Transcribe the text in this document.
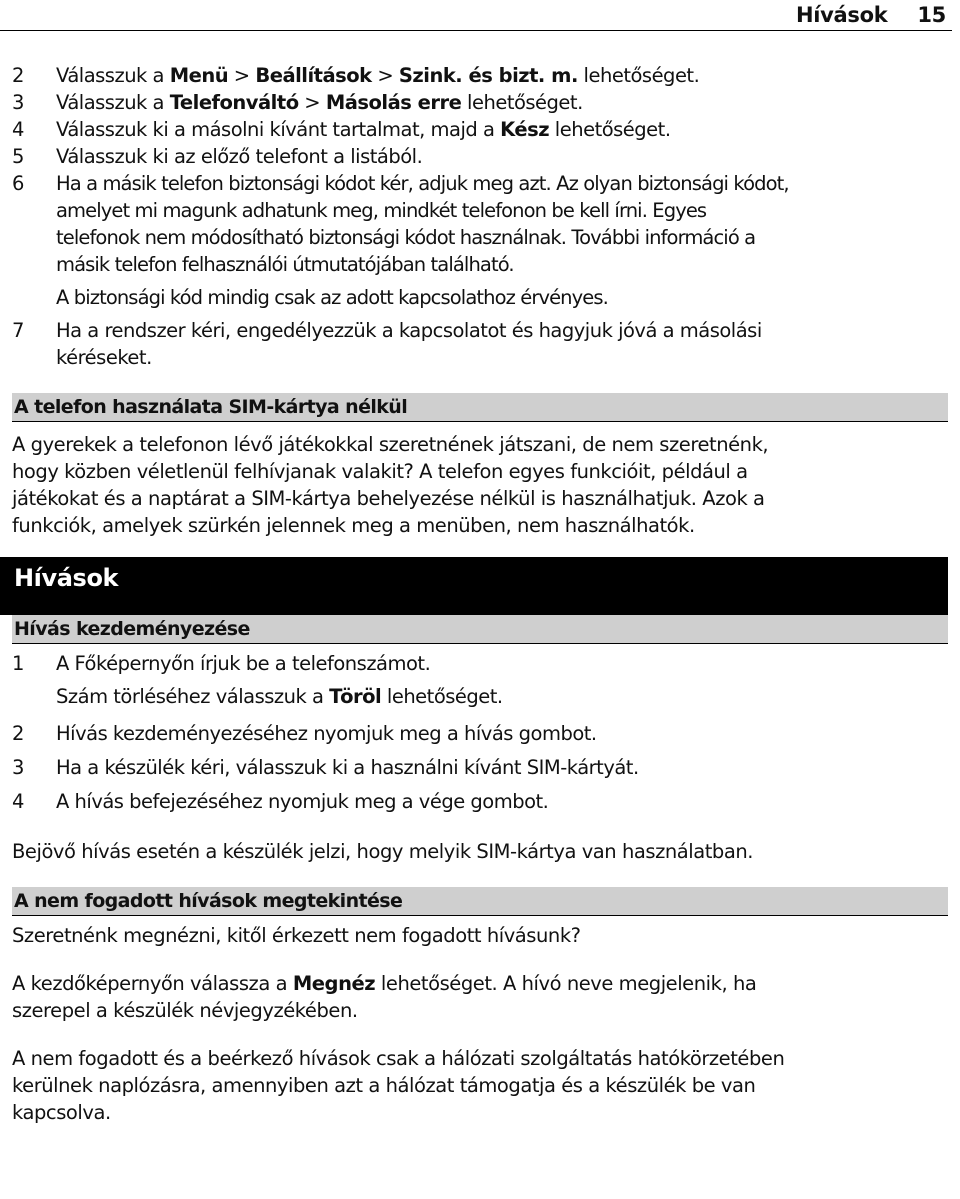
Hívások 15
2	Válasszuk a Menü > Beállítások > Szink. és bizt. m. lehetőséget.
3	Válasszuk a Telefonváltó > Másolás erre lehetőséget.
4	Válasszuk ki a másolni kívánt tartalmat, majd a Kész lehetőséget.
5	Válasszuk ki az előző telefont a listából.
6	Ha a másik telefon biztonsági kódot kér, adjuk meg azt. Az olyan biztonsági kódot,
amelyet mi magunk adhatunk meg, mindkét telefonon be kell írni. Egyes
telefonok nem módosítható biztonsági kódot használnak. További információ a
másik telefon felhasználói útmutatójában található.
A biztonsági kód mindig csak az adott kapcsolathoz érvényes.
7	Ha a rendszer kéri, engedélyezzük a kapcsolatot és hagyjuk jóvá a másolási
kéréseket.
A telefon használata SIM-kártya nélkül
A gyerekek a telefonon lévő játékokkal szeretnének játszani, de nem szeretnénk,
hogy közben véletlenül felhívjanak valakit? A telefon egyes funkcióit, például a
játékokat és a naptárat a SIM-kártya behelyezése nélkül is használhatjuk. Azok a
funkciók, amelyek szürkén jelennek meg a menüben, nem használhatók.
Hívások
Hívás kezdeményezése
1	A Főképernyőn írjuk be a telefonszámot.
Szám törléséhez válasszuk a Töröl lehetőséget.
2	Hívás kezdeményezéséhez nyomjuk meg a hívás gombot.
3	Ha a készülék kéri, válasszuk ki a használni kívánt SIM-kártyát.
4	A hívás befejezéséhez nyomjuk meg a vége gombot.
Bejövő hívás esetén a készülék jelzi, hogy melyik SIM-kártya van használatban.
A nem fogadott hívások megtekintése
Szeretnénk megnézni, kitől érkezett nem fogadott hívásunk?
A kezdőképernyőn válassza a Megnéz lehetőséget. A hívó neve megjelenik, ha
szerepel a készülék névjegyzékében.
A nem fogadott és a beérkező hívások csak a hálózati szolgáltatás hatókörzetében
kerülnek naplózásra, amennyiben azt a hálózat támogatja és a készülék be van
kapcsolva.
